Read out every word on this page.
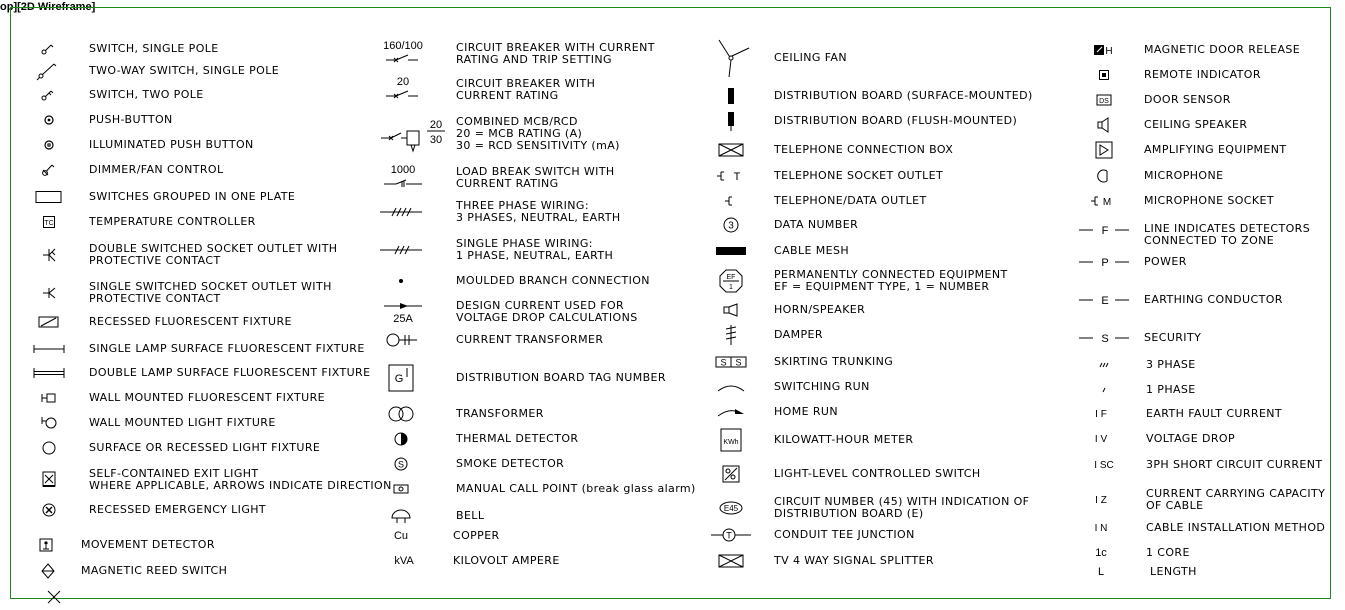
op][2D Wireframe]
SWITCH, SINGLE POLE
TWO-WAY SWITCH, SINGLE POLE
SWITCH, TWO POLE
PUSH-BUTTON
ILLUMINATED PUSH BUTTON
DIMMER/FAN CONTROL
SWITCHES GROUPED IN ONE PLATE
TC	TEMPERATURE CONTROLLER
DOUBLE SWITCHED SOCKET OUTLET WITH
PROTECTIVE CONTACT
SINGLE SWITCHED SOCKET OUTLET WITH
PROTECTIVE CONTACT
RECESSED FLUORESCENT FIXTURE
SINGLE LAMP SURFACE FLUORESCENT FIXTURE
DOUBLE LAMP SURFACE FLUORESCENT FIXTURE
WALL MOUNTED FLUORESCENT FIXTURE
WALL MOUNTED LIGHT FIXTURE
SURFACE OR RECESSED LIGHT FIXTURE
SELF-CONTAINED EXIT LIGHT
WHERE APPLICABLE, ARROWS INDICATE DIRECTION
RECESSED EMERGENCY LIGHT
MOVEMENT DETECTOR
MAGNETIC REED SWITCH
160/100	CIRCUIT BREAKER WITH CURRENT
RATING AND TRIP SETTING
20	CIRCUIT BREAKER WITH
CURRENT RATING
20
30
COMBINED MCB/RCD
20 = MCB RATING (A)
30 = RCD SENSITIVITY (mA)
1000	LOAD BREAK SWITCH WITH
CURRENT RATING
THREE PHASE WIRING:
3 PHASES, NEUTRAL, EARTH
SINGLE PHASE WIRING:
1 PHASE, NEUTRAL, EARTH
MOULDED BRANCH CONNECTION
25A
DESIGN CURRENT USED FOR
VOLTAGE DROP CALCULATIONS
CURRENT TRANSFORMER
G	DISTRIBUTION BOARD TAG NUMBER
TRANSFORMER
THERMAL DETECTOR
S	SMOKE DETECTOR
MANUAL CALL POINT (break glass alarm)
BELL
Cu	COPPER
kVA	KILOVOLT AMPERE
CEILING FAN
DISTRIBUTION BOARD (SURFACE-MOUNTED)
DISTRIBUTION BOARD (FLUSH-MOUNTED)
TELEPHONE CONNECTION BOX
T	TELEPHONE SOCKET OUTLET
TELEPHONE/DATA OUTLET
3	DATA NUMBER
CABLE MESH
EF
1
PERMANENTLY CONNECTED EQUIPMENT
EF = EQUIPMENT TYPE, 1 = NUMBER
HORN/SPEAKER
DAMPER
S S	SKIRTING TRUNKING
SWITCHING RUN
HOME RUN
KWh	KILOWATT-HOUR METER
LIGHT-LEVEL CONTROLLED SWITCH
E45
CIRCUIT NUMBER (45) WITH INDICATION OF
DISTRIBUTION BOARD (E)
T	CONDUIT TEE JUNCTION
TV 4 WAY SIGNAL SPLITTER
H	MAGNETIC DOOR RELEASE
REMOTE INDICATOR
DS	DOOR SENSOR
CEILING SPEAKER
AMPLIFYING EQUIPMENT
MICROPHONE
M	MICROPHONE SOCKET
F	LINE INDICATES DETECTORS
CONNECTED TO ZONE
P	POWER
E	EARTHING CONDUCTOR
S	SECURITY
3 PHASE
1 PHASE
I F	EARTH FAULT CURRENT
I V	VOLTAGE DROP
I SC	3PH SHORT CIRCUIT CURRENT
I Z	CURRENT CARRYING CAPACITY
OF CABLE
I N	CABLE INSTALLATION METHOD
1c	1 CORE
L	LENGTH
